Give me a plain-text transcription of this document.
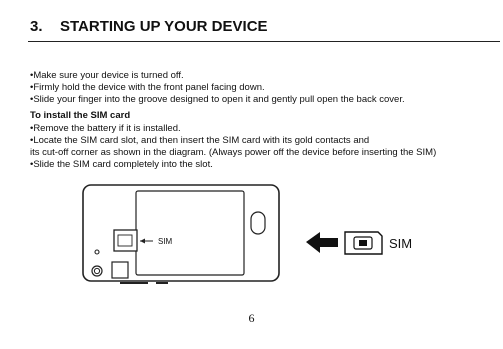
3.	STARTING UP YOUR DEVICE

•Make sure your device is turned off.
•Firmly hold the device with the front panel facing down.
•Slide your finger into the groove designed to open it and gently pull open the back cover.

To install the SIM card

•Remove the battery if it is installed.
•Locate the SIM card slot, and then insert the SIM card with its gold contacts and
its cut-off corner as shown in the diagram. (Always power off the device before inserting the SIM)
•Slide the SIM card completely into the slot.

SIM	SIM
6
